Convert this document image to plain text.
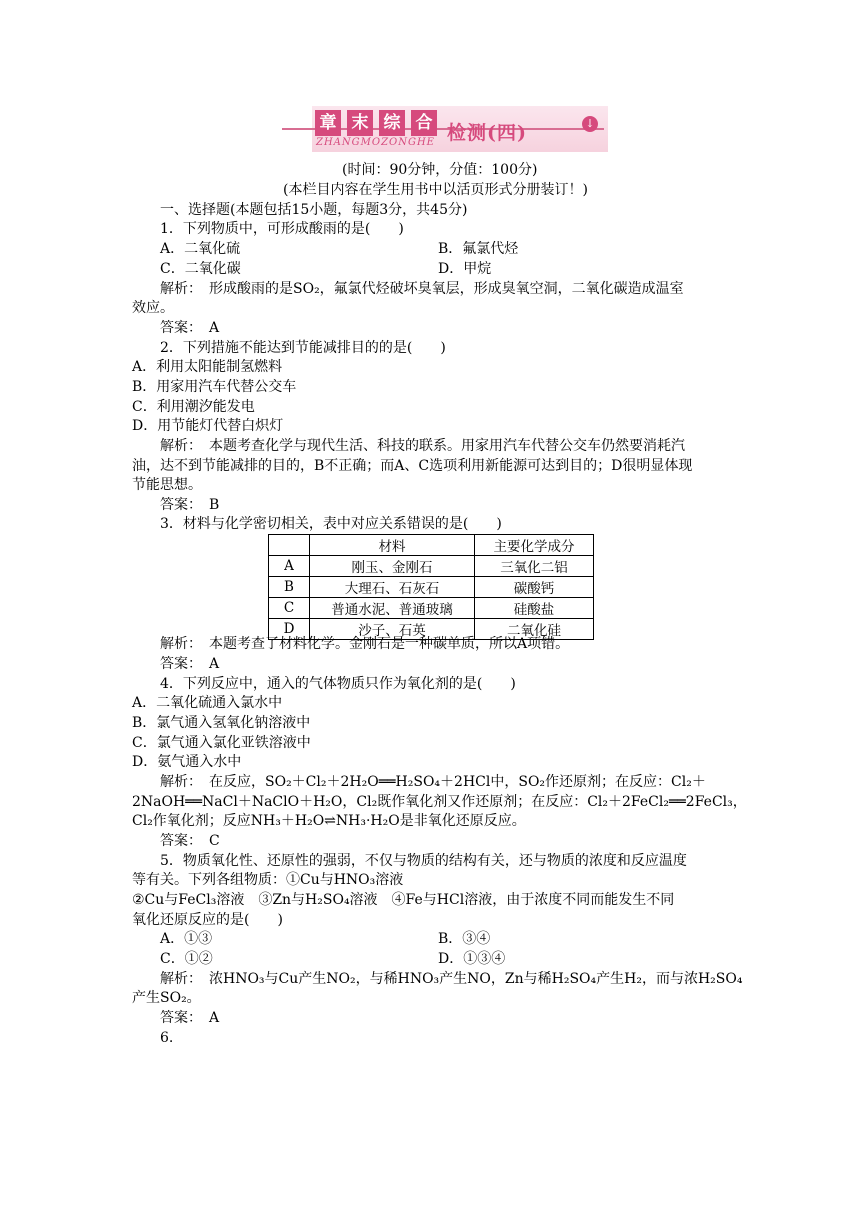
章 末 综 合 检测(四)
ZHANGMOZONGHE
↓
(时间：90分钟，分值：100分)
(本栏目内容在学生用书中以活页形式分册装订！)
一、选择题(本题包括15小题，每题3分，共45分)
1．下列物质中，可形成酸雨的是(　　)
A．二氧化硫	B．氟氯代烃
C．二氧化碳	D．甲烷
解析：　形成酸雨的是SO₂，氟氯代烃破坏臭氧层，形成臭氧空洞，二氧化碳造成温室
效应。
答案：　A
2．下列措施不能达到节能减排目的的是(　　)
A．利用太阳能制氢燃料
B．用家用汽车代替公交车
C．利用潮汐能发电
D．用节能灯代替白炽灯
解析：　本题考查化学与现代生活、科技的联系。用家用汽车代替公交车仍然要消耗汽
油，达不到节能减排的目的，B不正确；而A、C选项利用新能源可达到目的；D很明显体现
节能思想。
答案：　B
3．材料与化学密切相关，表中对应关系错误的是(　　)
	材料	主要化学成分
A	刚玉、金刚石	三氧化二铝
B	大理石、石灰石	碳酸钙
C	普通水泥、普通玻璃	硅酸盐
D	沙子、石英	二氧化硅
解析：　本题考查了材料化学。金刚石是一种碳单质，所以A项错。
答案：　A
4．下列反应中，通入的气体物质只作为氧化剂的是(　　)
A．二氧化硫通入氯水中
B．氯气通入氢氧化钠溶液中
C．氯气通入氯化亚铁溶液中
D．氨气通入水中
解析：　在反应，SO₂＋Cl₂＋2H₂O══H₂SO₄＋2HCl中，SO₂作还原剂；在反应：Cl₂＋
2NaOH══NaCl＋NaClO＋H₂O，Cl₂既作氧化剂又作还原剂；在反应：Cl₂＋2FeCl₂══2FeCl₃，
Cl₂作氧化剂；反应NH₃＋H₂O⇌NH₃·H₂O是非氧化还原反应。
答案：　C
5．物质氧化性、还原性的强弱，不仅与物质的结构有关，还与物质的浓度和反应温度
等有关。下列各组物质：①Cu与HNO₃溶液
②Cu与FeCl₃溶液　③Zn与H₂SO₄溶液　④Fe与HCl溶液，由于浓度不同而能发生不同
氧化还原反应的是(　　)
A．①③	B．③④
C．①②	D．①③④
解析：　浓HNO₃与Cu产生NO₂，与稀HNO₃产生NO，Zn与稀H₂SO₄产生H₂，而与浓H₂SO₄
产生SO₂。
答案：　A
6.
